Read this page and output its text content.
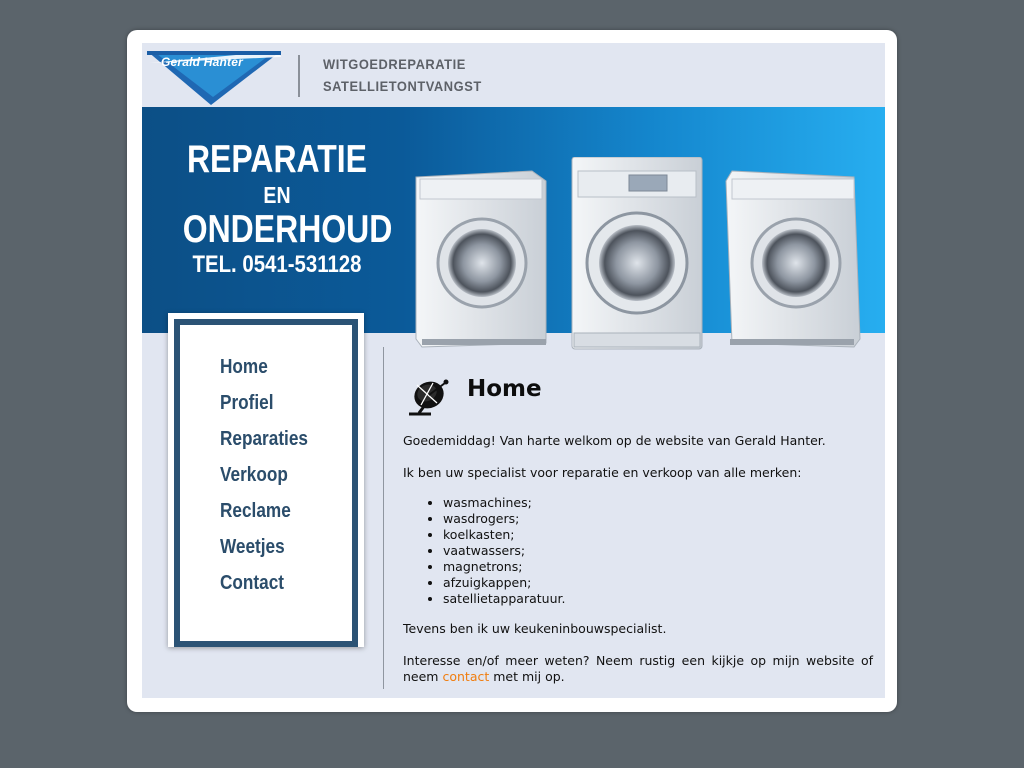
Gerald Hanter	WITGOEDREPARATIE
SATELLIETONTVANGST
REPARATIE
EN
ONDERHOUD
TEL. 0541-531128
Home
Profiel
Reparaties
Verkoop
Reclame
Weetjes
Contact
Home

Goedemiddag! Van harte welkom op de website van Gerald Hanter.

Ik ben uw specialist voor reparatie en verkoop van alle merken:

• wasmachines;
• wasdrogers;
• koelkasten;
• vaatwassers;
• magnetrons;
• afzuigkappen;
• satellietapparatuur.

Tevens ben ik uw keukeninbouwspecialist.

Interesse en/of meer weten? Neem rustig een kijkje op mijn website of neem contact met mij op.
